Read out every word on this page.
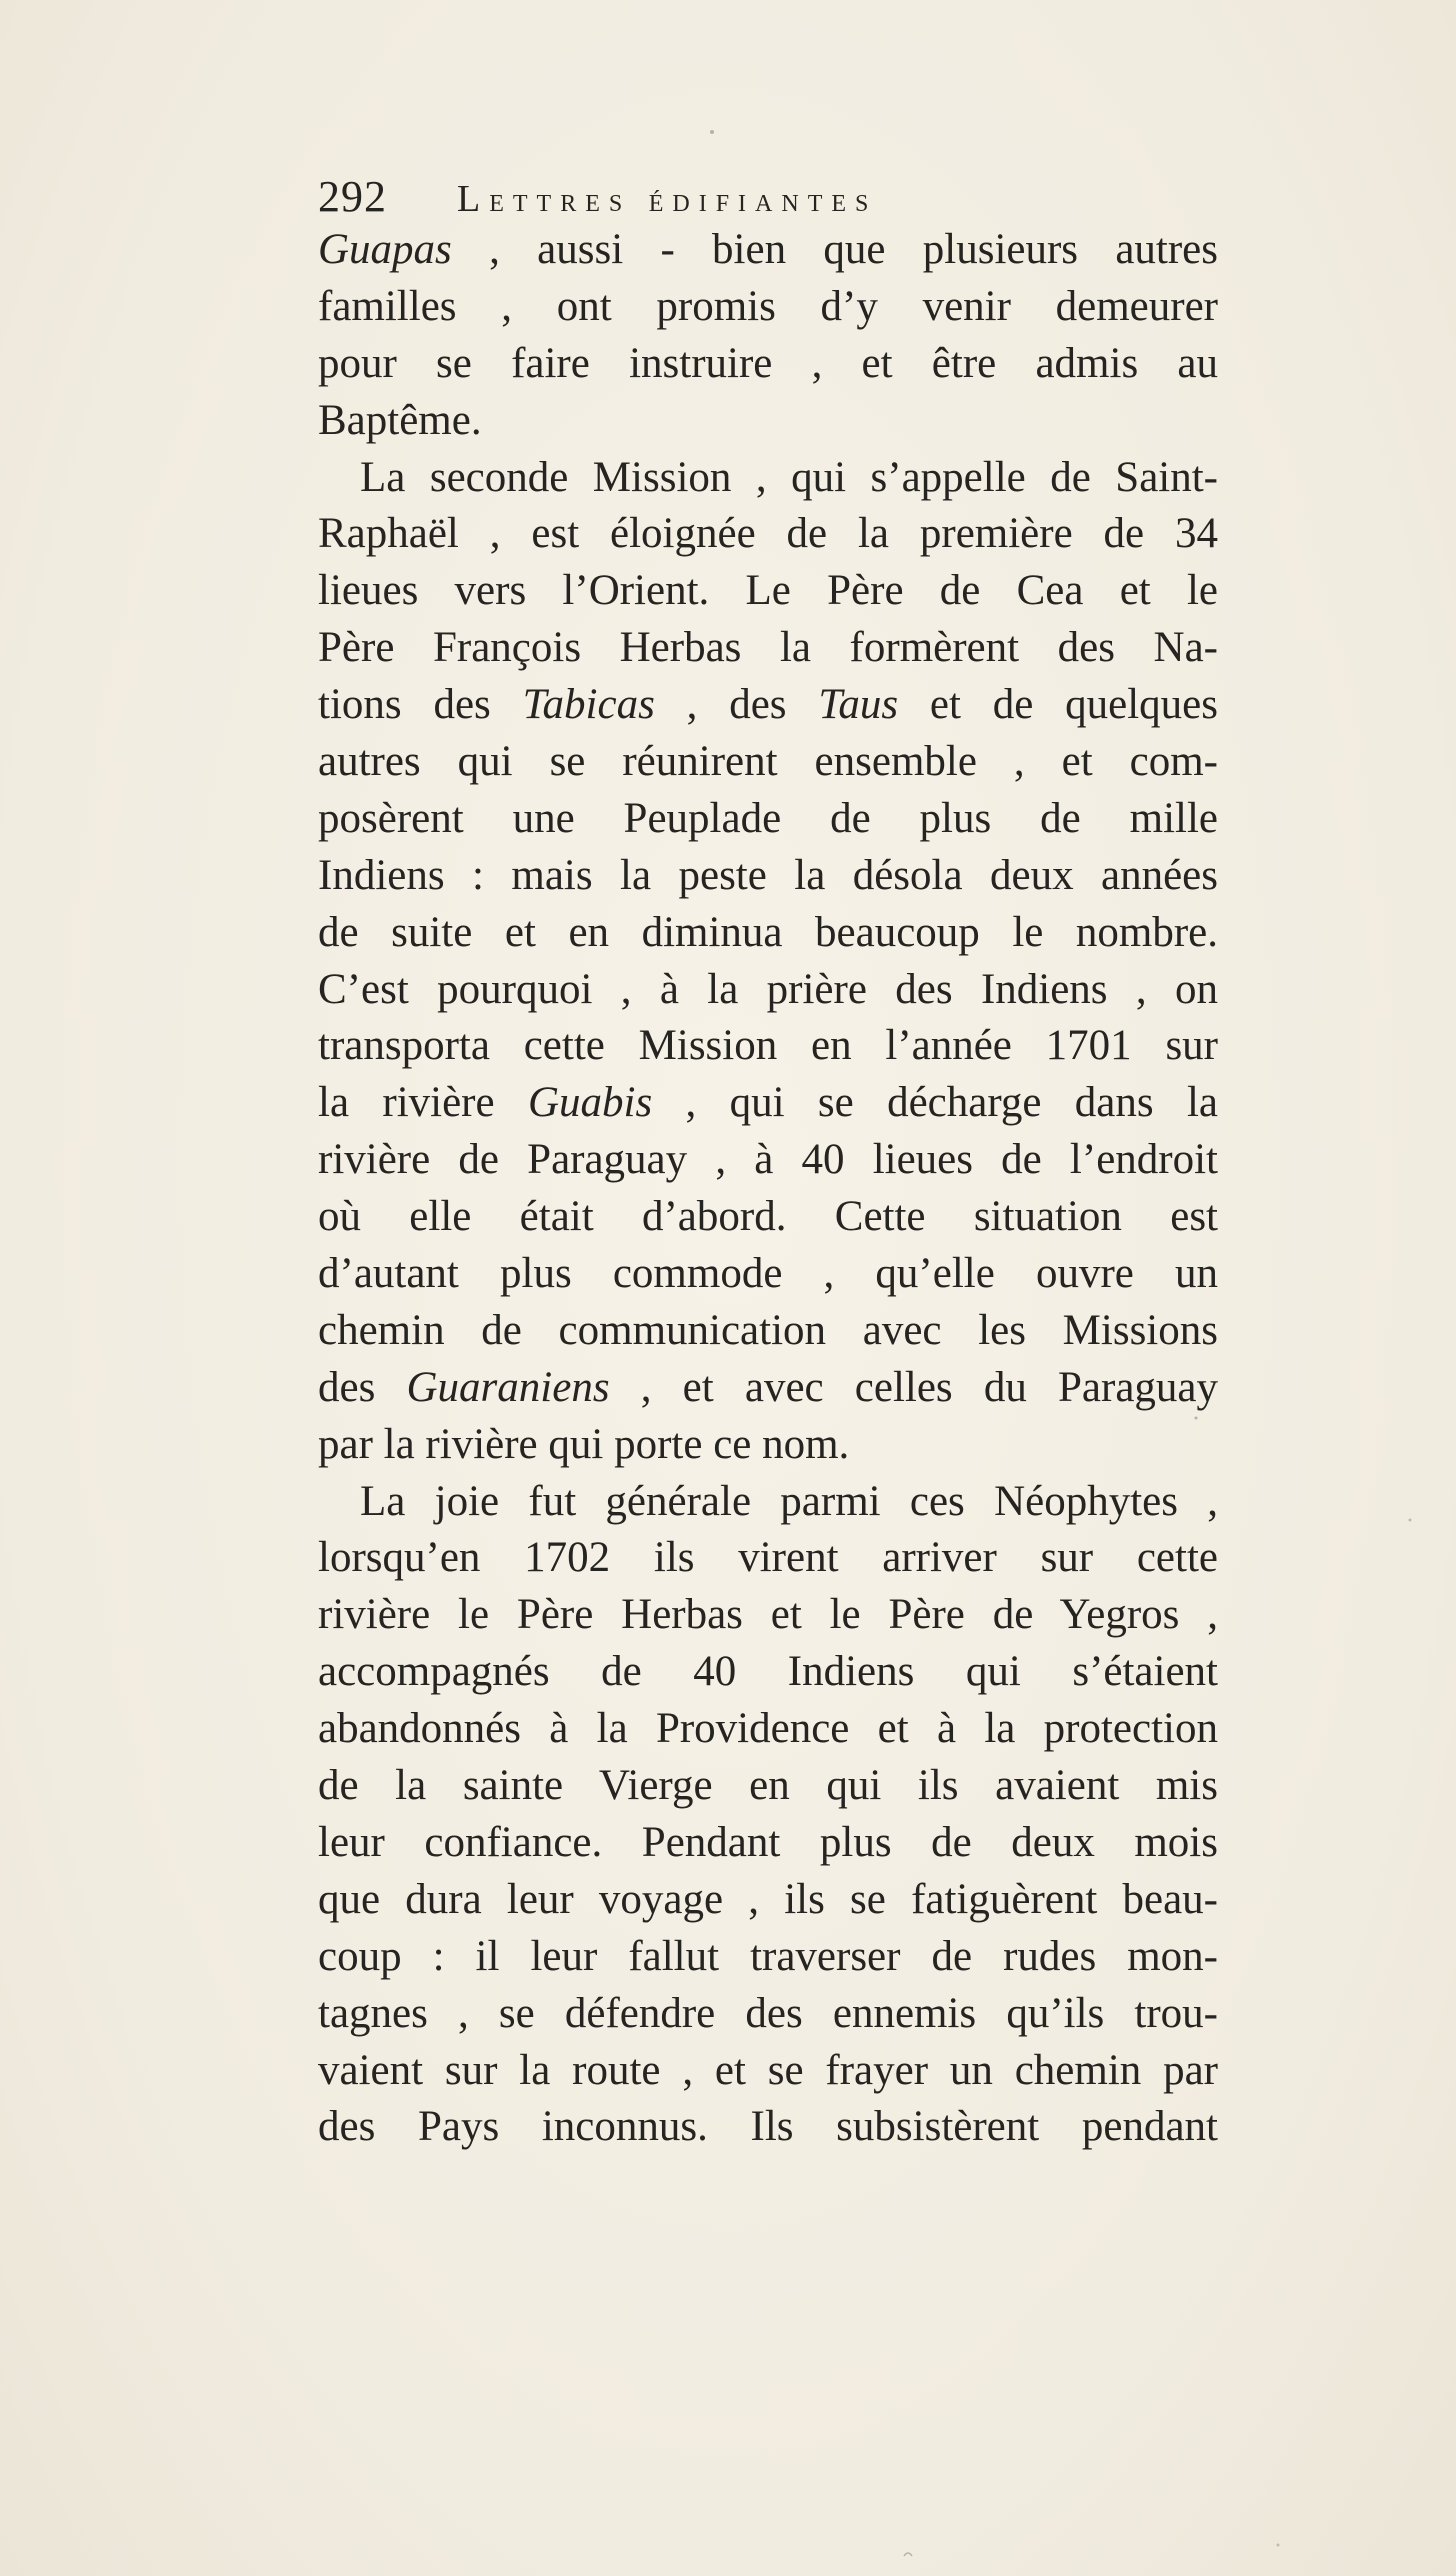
292 lettres édifiantes
Guapas , aussi - bien que plusieurs autres
familles , ont promis d’y venir demeurer
pour se faire instruire , et être admis au
Baptême.
La seconde Mission , qui s’appelle de Saint-
Raphaël , est éloignée de la première de 34
lieues vers l’Orient. Le Père de Cea et le
Père François Herbas la formèrent des Na-
tions des Tabicas , des Taus et de quelques
autres qui se réunirent ensemble , et com-
posèrent une Peuplade de plus de mille
Indiens : mais la peste la désola deux années
de suite et en diminua beaucoup le nombre.
C’est pourquoi , à la prière des Indiens , on
transporta cette Mission en l’année 1701 sur
la rivière Guabis , qui se décharge dans la
rivière de Paraguay , à 40 lieues de l’endroit
où elle était d’abord. Cette situation est
d’autant plus commode , qu’elle ouvre un
chemin de communication avec les Missions
des Guaraniens , et avec celles du Paraguay
par la rivière qui porte ce nom.
La joie fut générale parmi ces Néophytes ,
lorsqu’en 1702 ils virent arriver sur cette
rivière le Père Herbas et le Père de Yegros ,
accompagnés de 40 Indiens qui s’étaient
abandonnés à la Providence et à la protection
de la sainte Vierge en qui ils avaient mis
leur confiance. Pendant plus de deux mois
que dura leur voyage , ils se fatiguèrent beau-
coup : il leur fallut traverser de rudes mon-
tagnes , se défendre des ennemis qu’ils trou-
vaient sur la route , et se frayer un chemin par
des Pays inconnus. Ils subsistèrent pendant
